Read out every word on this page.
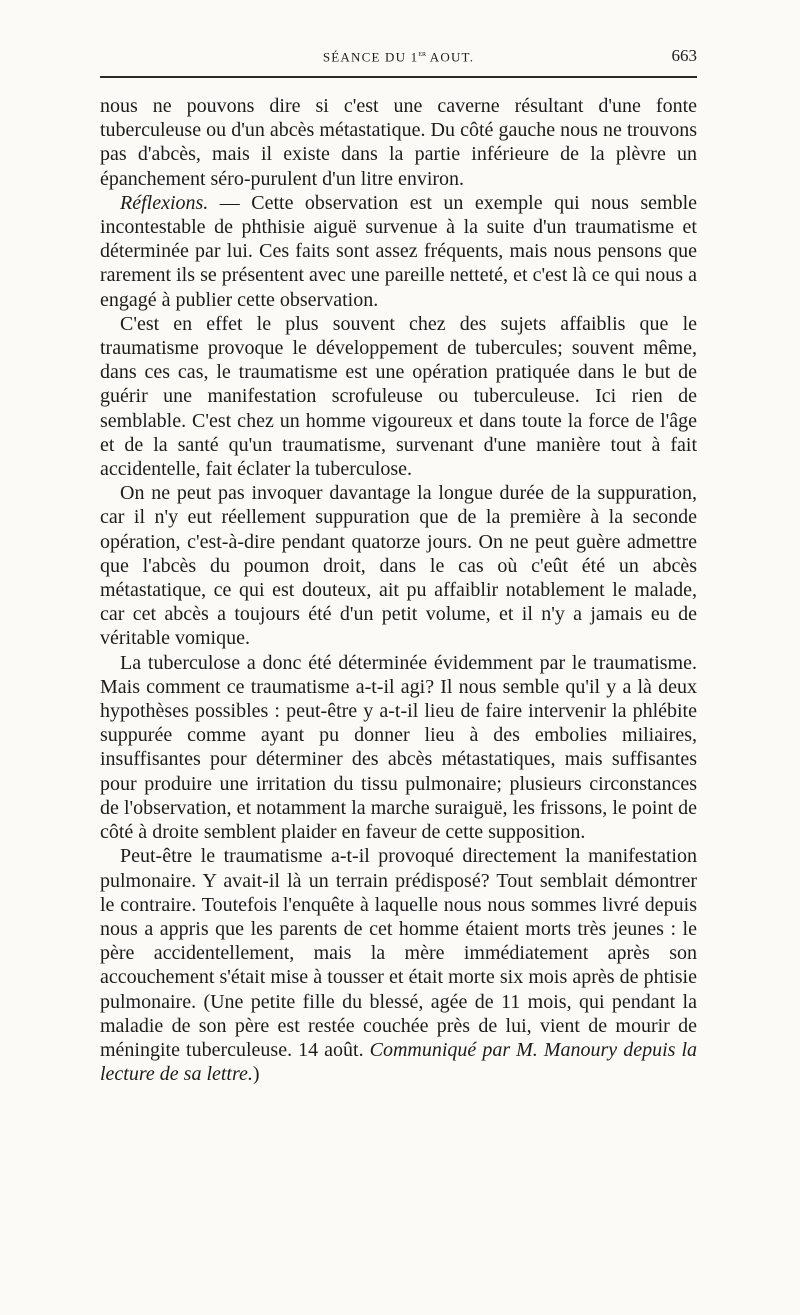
SÉANCE DU 1er AOUT.	663

nous ne pouvons dire si c'est une caverne résultant d'une fonte tuberculeuse ou d'un abcès métastatique. Du côté gauche nous ne trouvons pas d'abcès, mais il existe dans la partie inférieure de la plèvre un épanchement séro-purulent d'un litre environ.

Réflexions. — Cette observation est un exemple qui nous semble incontestable de phthisie aiguë survenue à la suite d'un traumatisme et déterminée par lui. Ces faits sont assez fréquents, mais nous pensons que rarement ils se présentent avec une pareille netteté, et c'est là ce qui nous a engagé à publier cette observation.

C'est en effet le plus souvent chez des sujets affaiblis que le traumatisme provoque le développement de tubercules; souvent même, dans ces cas, le traumatisme est une opération pratiquée dans le but de guérir une manifestation scrofuleuse ou tuberculeuse. Ici rien de semblable. C'est chez un homme vigoureux et dans toute la force de l'âge et de la santé qu'un traumatisme, survenant d'une manière tout à fait accidentelle, fait éclater la tuberculose.

On ne peut pas invoquer davantage la longue durée de la suppuration, car il n'y eut réellement suppuration que de la première à la seconde opération, c'est-à-dire pendant quatorze jours. On ne peut guère admettre que l'abcès du poumon droit, dans le cas où c'eût été un abcès métastatique, ce qui est douteux, ait pu affaiblir notablement le malade, car cet abcès a toujours été d'un petit volume, et il n'y a jamais eu de véritable vomique.

La tuberculose a donc été déterminée évidemment par le traumatisme. Mais comment ce traumatisme a-t-il agi? Il nous semble qu'il y a là deux hypothèses possibles : peut-être y a-t-il lieu de faire intervenir la phlébite suppurée comme ayant pu donner lieu à des embolies miliaires, insuffisantes pour déterminer des abcès métastatiques, mais suffisantes pour produire une irritation du tissu pulmonaire; plusieurs circonstances de l'observation, et notamment la marche suraiguë, les frissons, le point de côté à droite semblent plaider en faveur de cette supposition.

Peut-être le traumatisme a-t-il provoqué directement la manifestation pulmonaire. Y avait-il là un terrain prédisposé? Tout semblait démontrer le contraire. Toutefois l'enquête à laquelle nous nous sommes livré depuis nous a appris que les parents de cet homme étaient morts très jeunes : le père accidentellement, mais la mère immédiatement après son accouchement s'était mise à tousser et était morte six mois après de phtisie pulmonaire. (Une petite fille du blessé, agée de 11 mois, qui pendant la maladie de son père est restée couchée près de lui, vient de mourir de méningite tuberculeuse. 14 août. Communiqué par M. Manoury depuis la lecture de sa lettre.)
